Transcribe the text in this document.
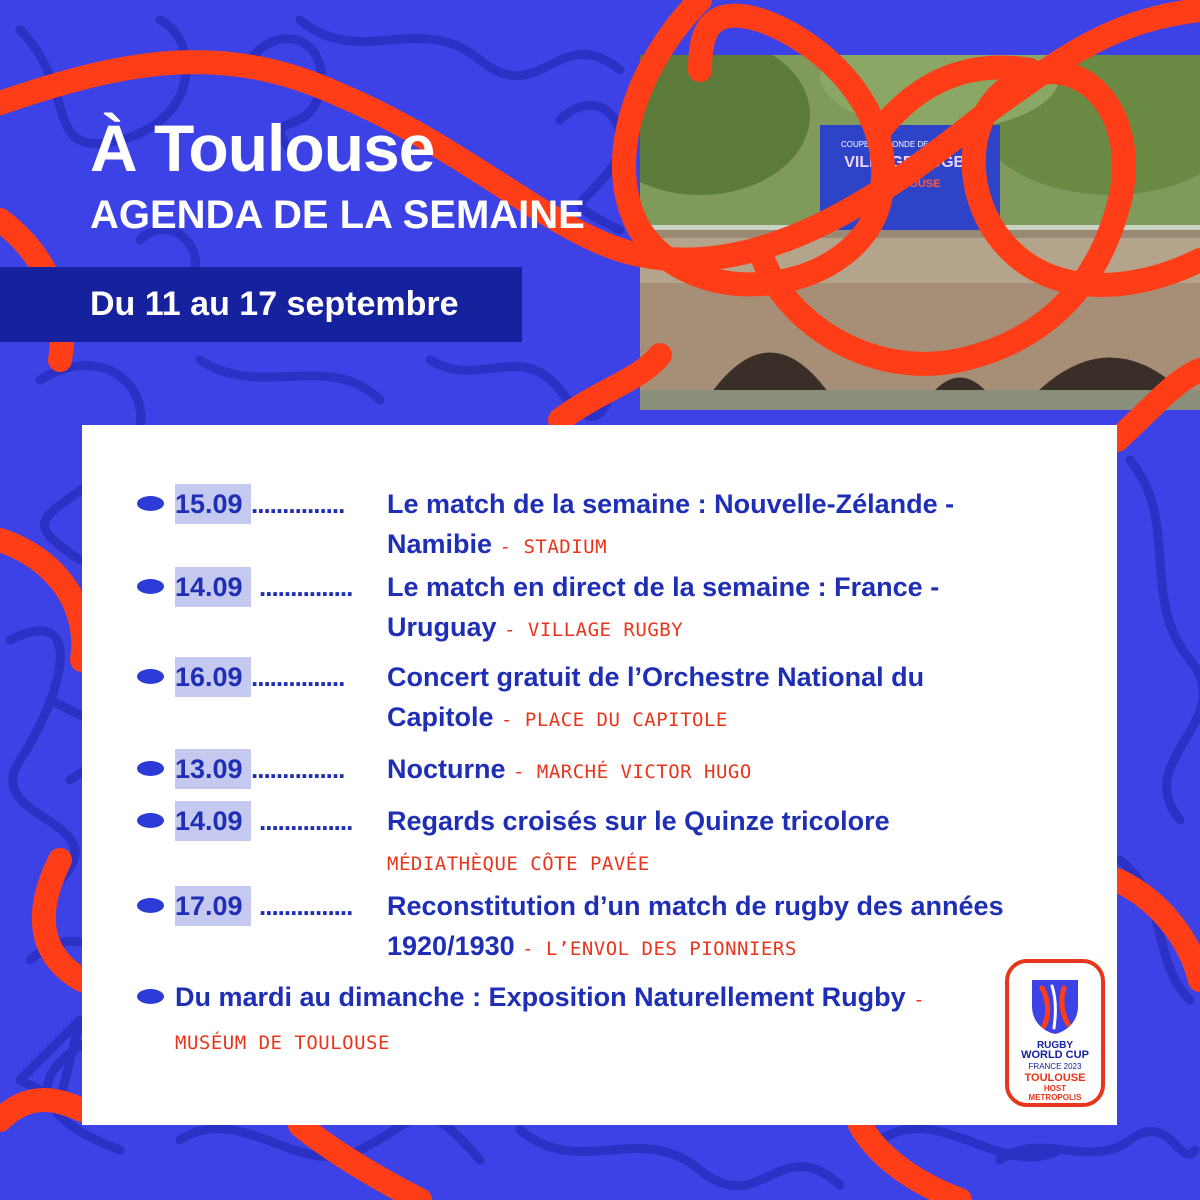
COUPE DU MONDE DE RUGBY 2023
VILLAGE RUGBY
TOULOUSE
À Toulouse
AGENDA DE LA SEMAINE
Du 11 au 17 septembre
15.09 ............... Le match de la semaine : Nouvelle-Zélande - Namibie - STADIUM

14.09 ............... Le match en direct de la semaine : France - Uruguay - VILLAGE RUGBY

16.09 ............... Concert gratuit de l’Orchestre National du Capitole - PLACE DU CAPITOLE

13.09 ............... Nocturne - MARCHÉ VICTOR HUGO

14.09 ............... Regards croisés sur le Quinze tricolore
MÉDIATHÈQUE CÔTE PAVÉE

17.09 ............... Reconstitution d’un match de rugby des années 1920/1930 - L’ENVOL DES PIONNIERS

Du mardi au dimanche : Exposition Naturellement Rugby - MUSÉUM DE TOULOUSE	RUGBY
WORLD CUP
FRANCE 2023
TOULOUSE
HOST
METROPOLIS
